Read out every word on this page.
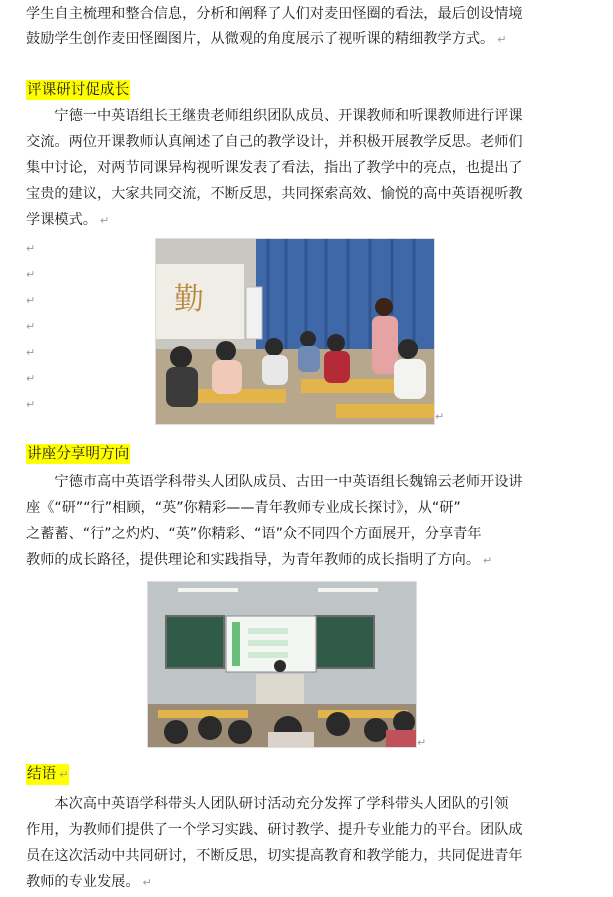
学生自主梳理和整合信息，分析和阐释了人们对麦田怪圈的看法，最后创设情境
鼓励学生创作麦田怪圈图片，从微观的角度展示了视听课的精细教学方式。 ↵
评课研讨促成长
　　宁德一中英语组长王继贵老师组织团队成员、开课教师和听课教师进行评课
交流。两位开课教师认真阐述了自己的教学设计，并积极开展教学反思。老师们
集中讨论，对两节同课异构视听课发表了看法，指出了教学中的亮点，也提出了
宝贵的建议，大家共同交流，不断反思，共同探索高效、愉悦的高中英语视听教
学课模式。 ↵
↵
↵
↵
↵
↵
↵
↵
勤
↵
讲座分享明方向
　　宁德市高中英语学科带头人团队成员、古田一中英语组长魏锦云老师开设讲
座《“研”“行”相顾，“英”你精彩——青年教师专业成长探讨》，从“研”
之蓄蓄、“行”之灼灼、“英”你精彩、“语”众不同四个方面展开，分享青年
教师的成长路径，提供理论和实践指导，为青年教师的成长指明了方向。 ↵
↵
结语 ↵
　　本次高中英语学科带头人团队研讨活动充分发挥了学科带头人团队的引领
作用，为教师们提供了一个学习实践、研讨教学、提升专业能力的平台。团队成
员在这次活动中共同研讨，不断反思，切实提高教育和教学能力，共同促进青年
教师的专业发展。 ↵
